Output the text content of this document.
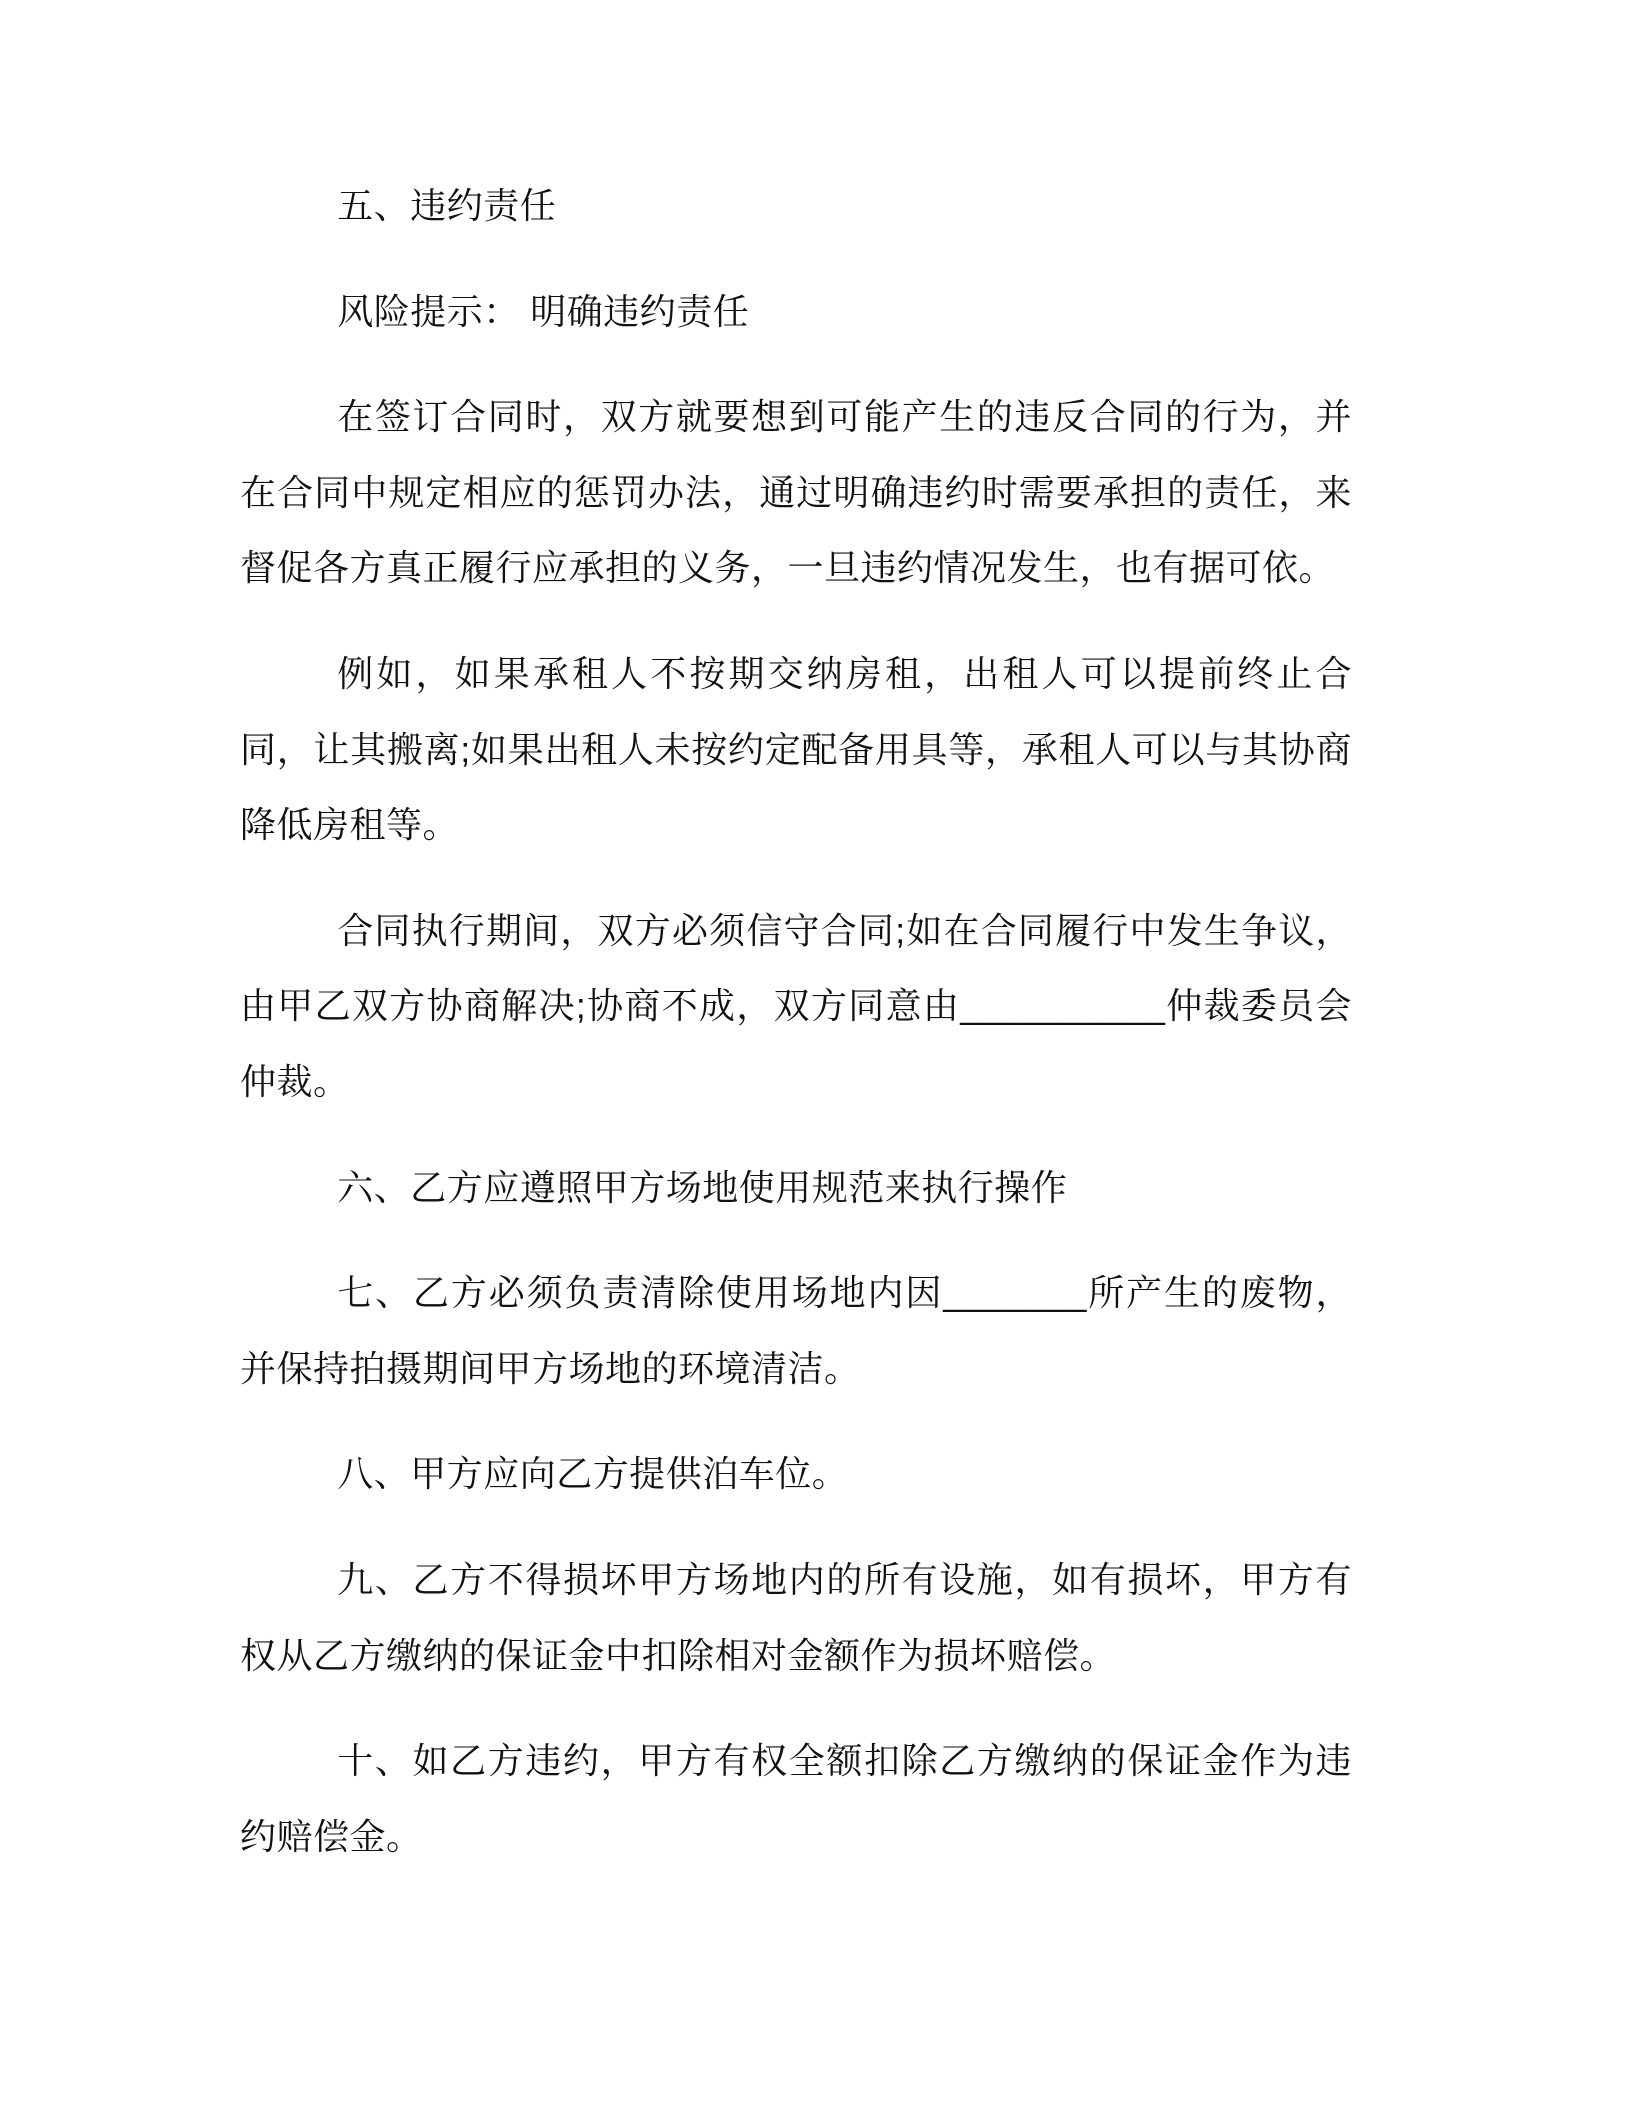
五、违约责任

风险提示： 明确违约责任

在签订合同时，双方就要想到可能产生的违反合同的行为，并在合同中规定相应的惩罚办法，通过明确违约时需要承担的责任，来督促各方真正履行应承担的义务，一旦违约情况发生，也有据可依。

例如，如果承租人不按期交纳房租，出租人可以提前终止合同，让其搬离;如果出租人未按约定配备用具等，承租人可以与其协商降低房租等。

合同执行期间，双方必须信守合同;如在合同履行中发生争议，由甲乙双方协商解决;协商不成，双方同意由__________仲裁委员会仲裁。

六、乙方应遵照甲方场地使用规范来执行操作

七、乙方必须负责清除使用场地内因_______所产生的废物，并保持拍摄期间甲方场地的环境清洁。

八、甲方应向乙方提供泊车位。

九、乙方不得损坏甲方场地内的所有设施，如有损坏，甲方有权从乙方缴纳的保证金中扣除相对金额作为损坏赔偿。

十、如乙方违约，甲方有权全额扣除乙方缴纳的保证金作为违约赔偿金。
